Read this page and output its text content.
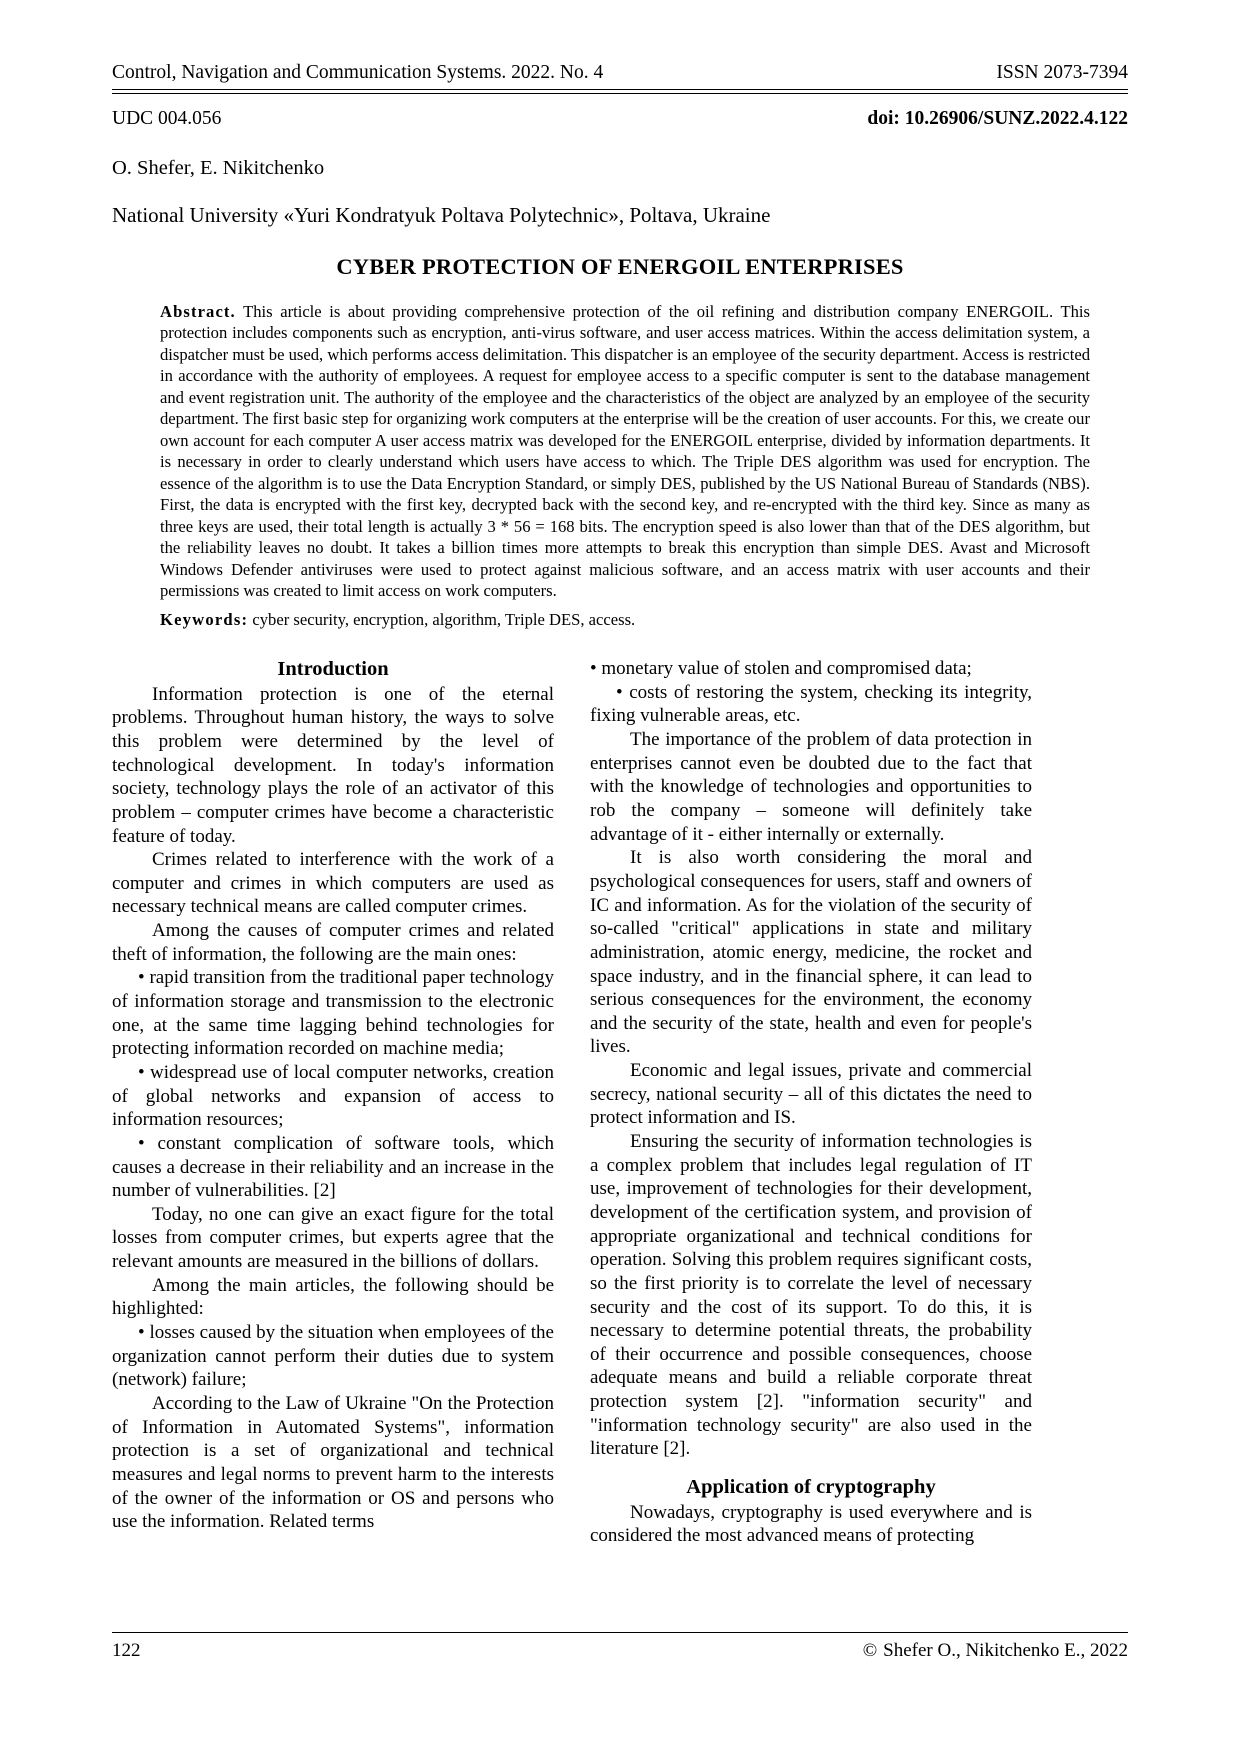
Control, Navigation and Communication Systems. 2022. No. 4	ISSN 2073-7394
UDC 004.056	doi: 10.26906/SUNZ.2022.4.122
O. Shefer, E. Nikitchenko
National University «Yuri Kondratyuk Poltava Polytechnic», Poltava, Ukraine
CYBER PROTECTION OF ENERGOIL ENTERPRISES

Abstract. This article is about providing comprehensive protection of the oil refining and distribution company ENERGOIL. This protection includes components such as encryption, anti-virus software, and user access matrices. Within the access delimitation system, a dispatcher must be used, which performs access delimitation. This dispatcher is an employee of the security department. Access is restricted in accordance with the authority of employees. A request for employee access to a specific computer is sent to the database management and event registration unit. The authority of the employee and the characteristics of the object are analyzed by an employee of the security department. The first basic step for organizing work computers at the enterprise will be the creation of user accounts. For this, we create our own account for each computer A user access matrix was developed for the ENERGOIL enterprise, divided by information departments. It is necessary in order to clearly understand which users have access to which. The Triple DES algorithm was used for encryption. The essence of the algorithm is to use the Data Encryption Standard, or simply DES, published by the US National Bureau of Standards (NBS). First, the data is encrypted with the first key, decrypted back with the second key, and re-encrypted with the third key. Since as many as three keys are used, their total length is actually 3 * 56 = 168 bits. The encryption speed is also lower than that of the DES algorithm, but the reliability leaves no doubt. It takes a billion times more attempts to break this encryption than simple DES. Avast and Microsoft Windows Defender antiviruses were used to protect against malicious software, and an access matrix with user accounts and their permissions was created to limit access on work computers.

Keywords: cyber security, encryption, algorithm, Triple DES, access.

Introduction

Information protection is one of the eternal problems. Throughout human history, the ways to solve this problem were determined by the level of technological development. In today's information society, technology plays the role of an activator of this problem – computer crimes have become a characteristic feature of today.

Crimes related to interference with the work of a computer and crimes in which computers are used as necessary technical means are called computer crimes.

Among the causes of computer crimes and related theft of information, the following are the main ones:

• rapid transition from the traditional paper technology of information storage and transmission to the electronic one, at the same time lagging behind technologies for protecting information recorded on machine media;

• widespread use of local computer networks, creation of global networks and expansion of access to information resources;

• constant complication of software tools, which causes a decrease in their reliability and an increase in the number of vulnerabilities. [2]

Today, no one can give an exact figure for the total losses from computer crimes, but experts agree that the relevant amounts are measured in the billions of dollars.

Among the main articles, the following should be highlighted:

• losses caused by the situation when employees of the organization cannot perform their duties due to system (network) failure;

According to the Law of Ukraine "On the Protection of Information in Automated Systems", information protection is a set of organizational and technical measures and legal norms to prevent harm to the interests of the owner of the information or OS and persons who use the information. Related terms

• monetary value of stolen and compromised data;

• costs of restoring the system, checking its integrity, fixing vulnerable areas, etc.

The importance of the problem of data protection in enterprises cannot even be doubted due to the fact that with the knowledge of technologies and opportunities to rob the company – someone will definitely take advantage of it - either internally or externally.

It is also worth considering the moral and psychological consequences for users, staff and owners of IC and information. As for the violation of the security of so-called "critical" applications in state and military administration, atomic energy, medicine, the rocket and space industry, and in the financial sphere, it can lead to serious consequences for the environment, the economy and the security of the state, health and even for people's lives.

Economic and legal issues, private and commercial secrecy, national security – all of this dictates the need to protect information and IS.

Ensuring the security of information technologies is a complex problem that includes legal regulation of IT use, improvement of technologies for their development, development of the certification system, and provision of appropriate organizational and technical conditions for operation. Solving this problem requires significant costs, so the first priority is to correlate the level of necessary security and the cost of its support. To do this, it is necessary to determine potential threats, the probability of their occurrence and possible consequences, choose adequate means and build a reliable corporate threat protection system [2]. "information security" and "information technology security" are also used in the literature [2].

Application of cryptography

Nowadays, cryptography is used everywhere and is considered the most advanced means of protecting

122	© Shefer O., Nikitchenko E., 2022
